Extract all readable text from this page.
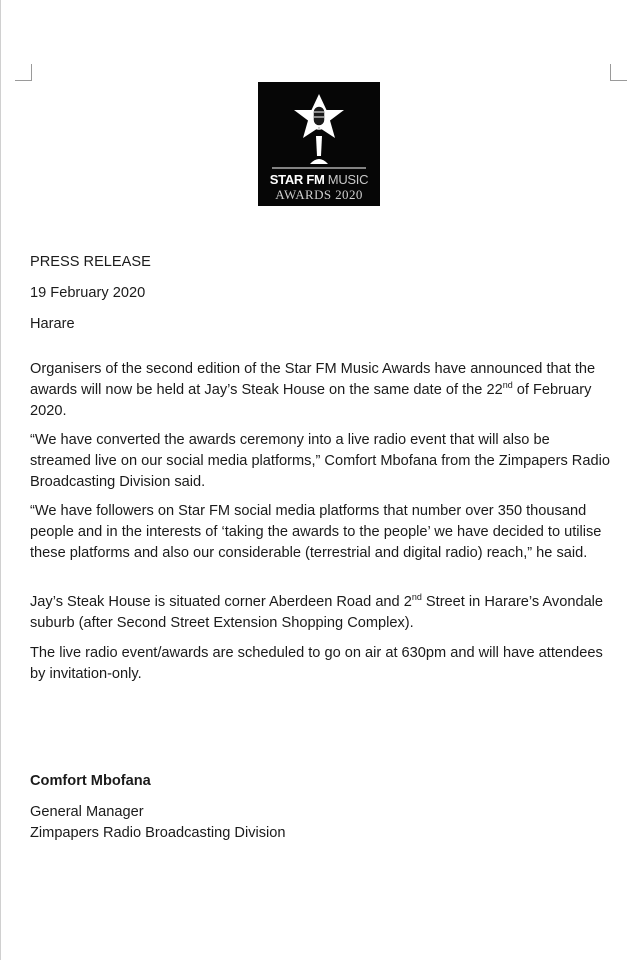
STAR FM MUSIC
AWARDS 2020
PRESS RELEASE
19 February 2020
Harare

Organisers of the second edition of the Star FM Music Awards have announced that the awards will now be held at Jay’s Steak House on the same date of the 22nd of February 2020.

“We have converted the awards ceremony into a live radio event that will also be streamed live on our social media platforms,” Comfort Mbofana from the Zimpapers Radio Broadcasting Division said.

“We have followers on Star FM social media platforms that number over 350 thousand people and in the interests of ‘taking the awards to the people’ we have decided to utilise these platforms and also our considerable (terrestrial and digital radio) reach,” he said.

Jay’s Steak House is situated corner Aberdeen Road and 2nd Street in Harare’s Avondale suburb (after Second Street Extension Shopping Complex).

The live radio event/awards are scheduled to go on air at 630pm and will have attendees by invitation-only.

Comfort Mbofana
General Manager
Zimpapers Radio Broadcasting Division
